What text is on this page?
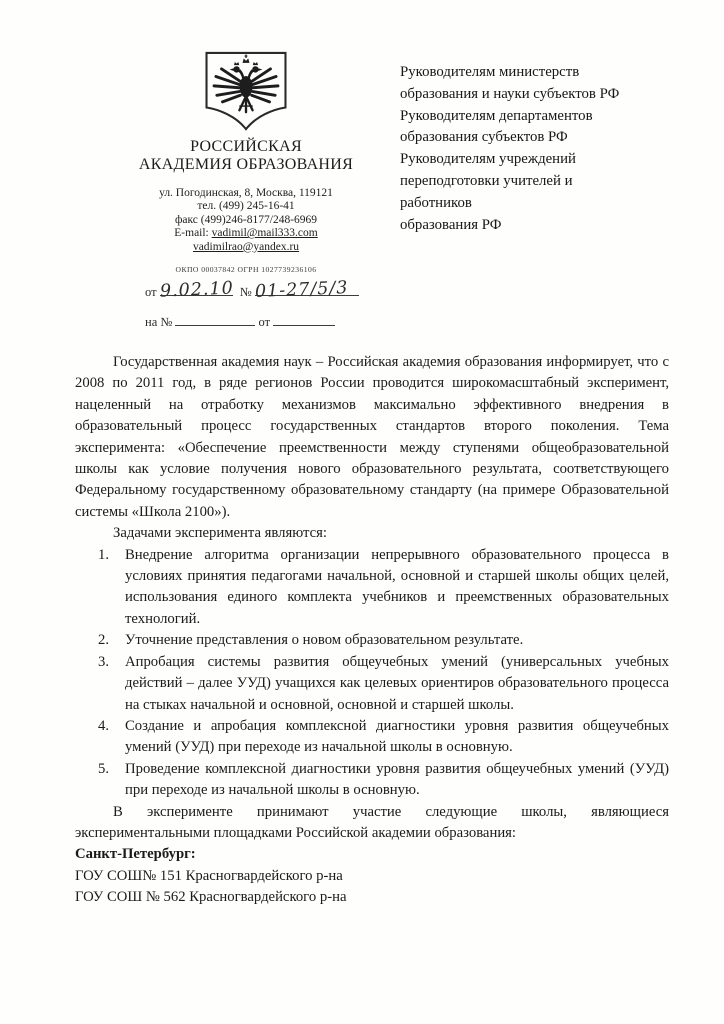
РОССИЙСКАЯ
АКАДЕМИЯ ОБРАЗОВАНИЯ
ул. Погодинская, 8, Москва, 119121
тел. (499) 245-16-41
факс (499)246-8177/248-6969
E-mail: vadimil@mail333.com
vadimilrao@yandex.ru
ОКПО 00037842 ОГРН 1027739236106
от 9.02.10 № 01-27/5/3
на №	от
Руководителям министерств
образования и науки субъектов РФ
Руководителям департаментов
образования субъектов РФ
Руководителям учреждений
переподготовки учителей и
работников
образования РФ

Государственная академия наук – Российская академия образования информирует, что с 2008 по 2011 год, в ряде регионов России проводится широкомасштабный эксперимент, нацеленный на отработку механизмов максимально эффективного внедрения в образовательный процесс государственных стандартов второго поколения. Тема эксперимента: «Обеспечение преемственности между ступенями общеобразовательной школы как условие получения нового образовательного результата, соответствующего Федеральному государственному образовательному стандарту (на примере Образовательной системы «Школа 2100»).

Задачами эксперимента являются:

1.	Внедрение алгоритма организации непрерывного образовательного процесса в условиях принятия педагогами начальной, основной и старшей школы общих целей, использования единого комплекта учебников и преемственных образовательных технологий.
2.	Уточнение представления о новом образовательном результате.
3.	Апробация системы развития общеучебных умений (универсальных учебных действий – далее УУД) учащихся как целевых ориентиров образовательного процесса на стыках начальной и основной, основной и старшей школы.
4.	Создание и апробация комплексной диагностики уровня развития общеучебных умений (УУД) при переходе из начальной школы в основную.
5.	Проведение комплексной диагностики уровня развития общеучебных умений (УУД) при переходе из начальной школы в основную.

В эксперименте принимают участие следующие школы, являющиеся экспериментальными площадками Российской академии образования:

Санкт-Петербург:

ГОУ СОШ№ 151 Красногвардейского р-на

ГОУ СОШ № 562 Красногвардейского р-на
